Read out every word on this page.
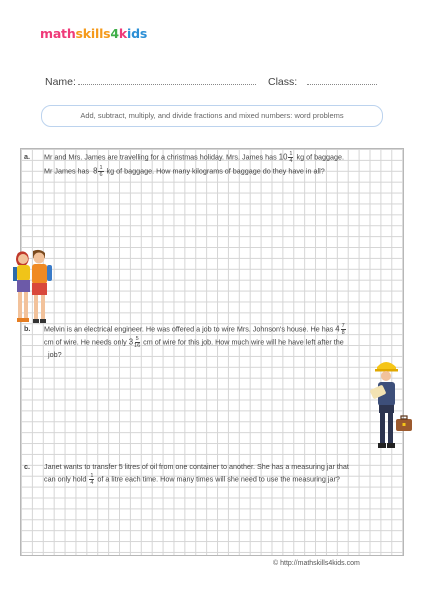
mathskills4kids
Name:	Class:
Add, subtract, multiply, and divide fractions and mixed numbers: word problems
a. Mr and Mrs. James are travelling for a christmas holiday. Mrs. James has $10 \frac{1}{4}$ kg of baggage.
Mr James has $8 \frac{1}{6}$ kg of baggage. How many kilograms of baggage do they have in all?
b. Melvin is an electrical engineer. He was offered a job to wire Mrs. Johnson's house. He has $4 \frac{7}{8}$
cm of wire. He needs only $3 \frac{5}{16}$ cm of wire for this job. How much wire will he have left after the
job?
c. Janet wants to transfer 5 litres of oil from one container to another. She has a measuring jar that
can only hold $\frac{1}{4}$ of a litre each time. How many times will she need to use the measuring jar?
© http://mathskills4kids.com
